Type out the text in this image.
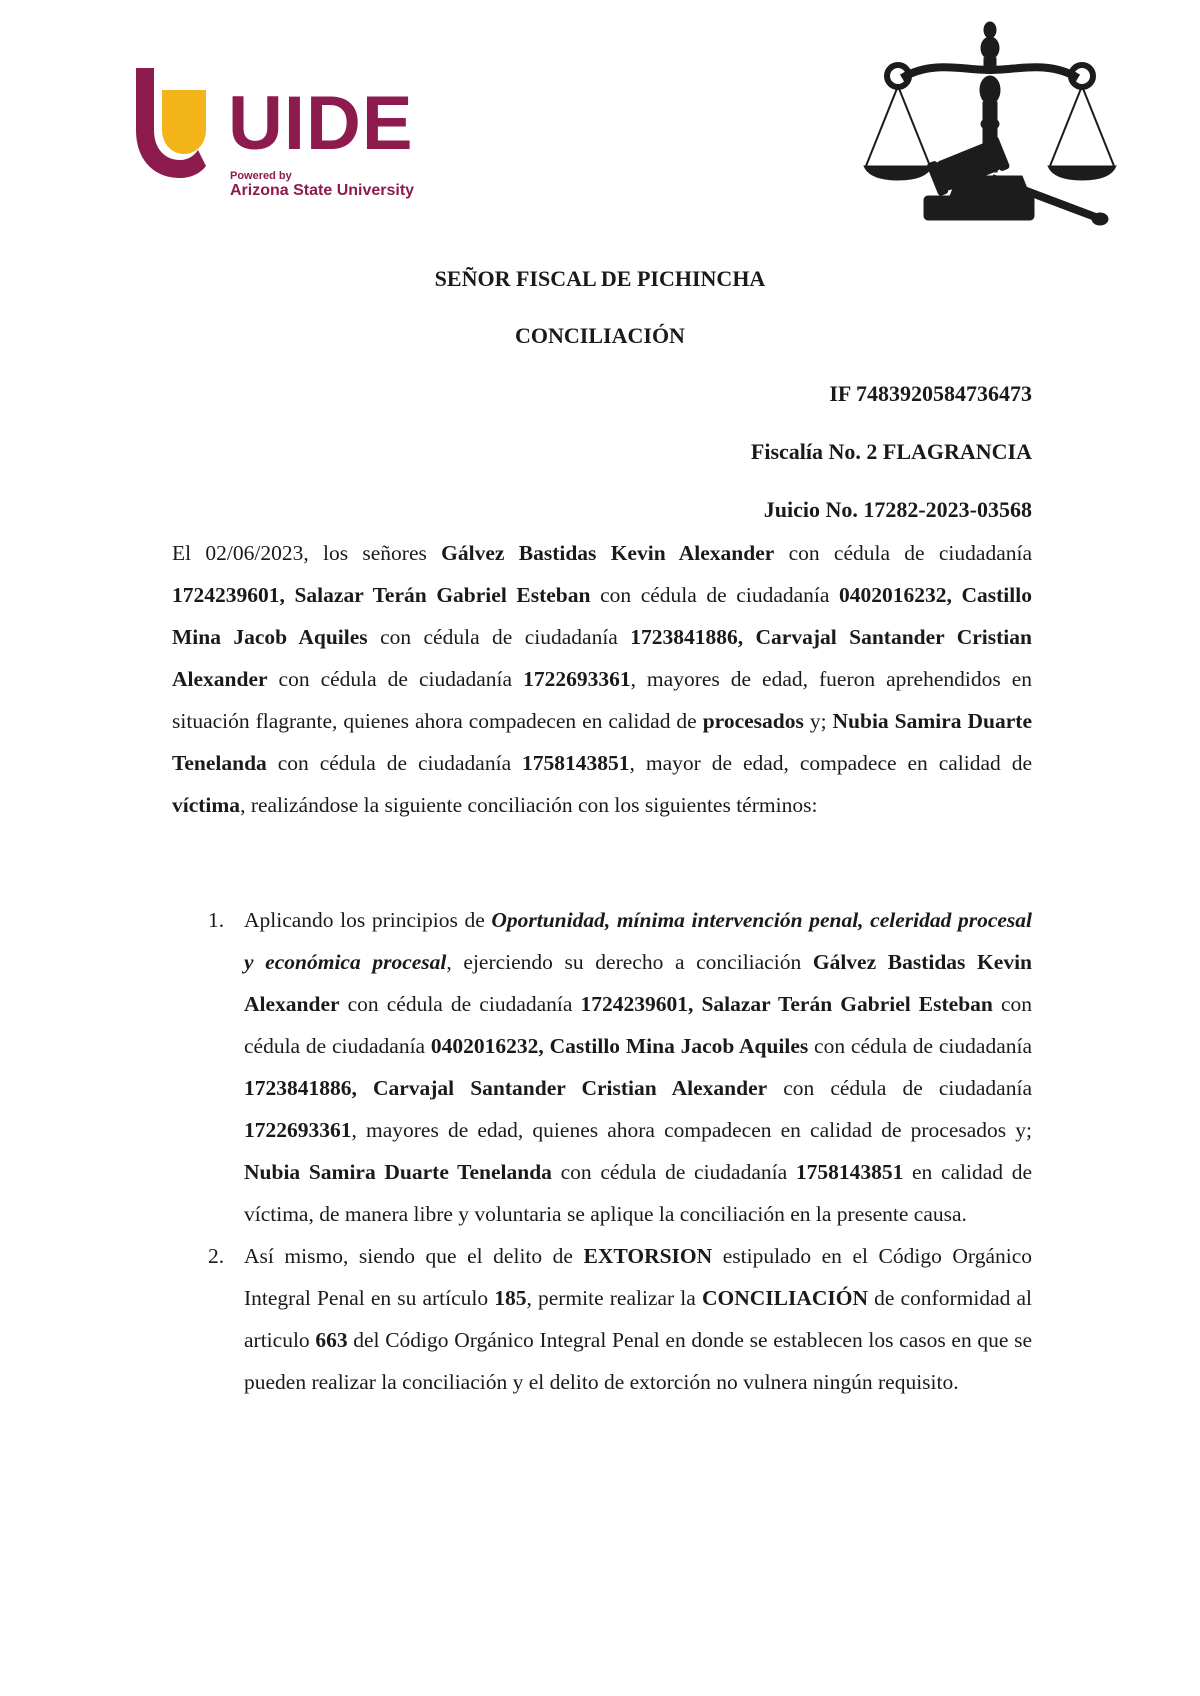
UIDE
Powered by
Arizona State University
SEÑOR FISCAL DE PICHINCHA
CONCILIACIÓN
IF 7483920584736473
Fiscalía No. 2 FLAGRANCIA
Juicio No. 17282-2023-03568

El 02/06/2023, los señores Gálvez Bastidas Kevin Alexander con cédula de ciudadanía 1724239601, Salazar Terán Gabriel Esteban con cédula de ciudadanía 0402016232, Castillo Mina Jacob Aquiles con cédula de ciudadanía 1723841886, Carvajal Santander Cristian Alexander con cédula de ciudadanía 1722693361, mayores de edad, fueron aprehendidos en situación flagrante, quienes ahora compadecen en calidad de procesados y; Nubia Samira Duarte Tenelanda con cédula de ciudadanía 1758143851, mayor de edad, compadece en calidad de víctima, realizándose la siguiente conciliación con los siguientes términos:

1. Aplicando los principios de Oportunidad, mínima intervención penal, celeridad procesal y económica procesal, ejerciendo su derecho a conciliación Gálvez Bastidas Kevin Alexander con cédula de ciudadanía 1724239601, Salazar Terán Gabriel Esteban con cédula de ciudadanía 0402016232, Castillo Mina Jacob Aquiles con cédula de ciudadanía 1723841886, Carvajal Santander Cristian Alexander con cédula de ciudadanía 1722693361, mayores de edad, quienes ahora compadecen en calidad de procesados y; Nubia Samira Duarte Tenelanda con cédula de ciudadanía 1758143851 en calidad de víctima, de manera libre y voluntaria se aplique la conciliación en la presente causa.
2. Así mismo, siendo que el delito de EXTORSION estipulado en el Código Orgánico Integral Penal en su artículo 185, permite realizar la CONCILIACIÓN de conformidad al articulo 663 del Código Orgánico Integral Penal en donde se establecen los casos en que se pueden realizar la conciliación y el delito de extorción no vulnera ningún requisito.
